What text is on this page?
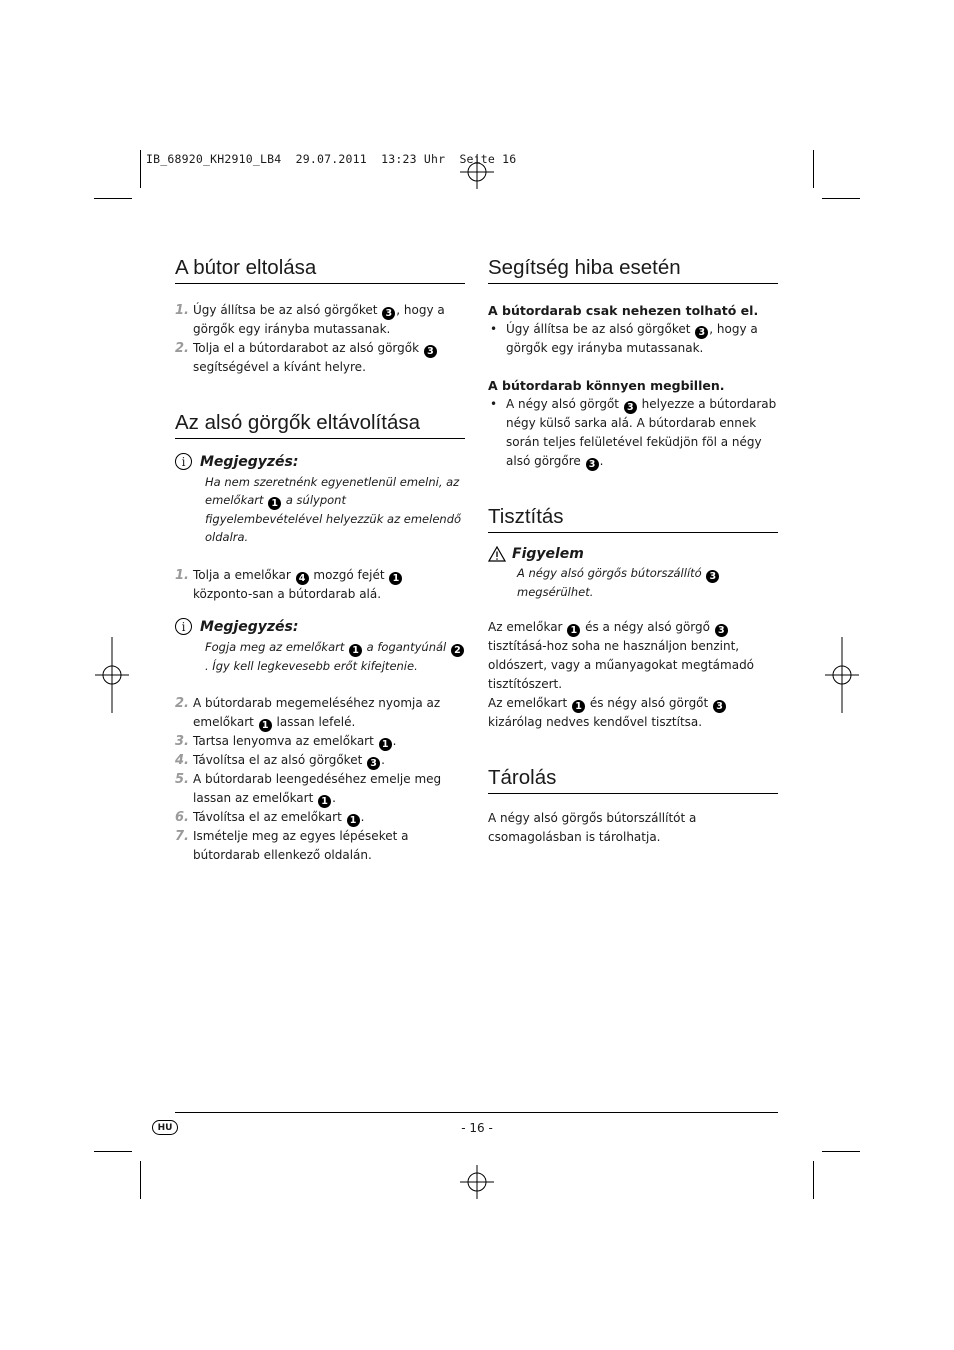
IB_68920_KH2910_LB4  29.07.2011  13:23 Uhr  Seite 16
A bútor eltolása
1. Úgy állítsa be az alsó görgőket 3 , hogy a görgők egy irányba mutassanak.
2. Tolja el a bútordarabot az alsó görgők 3 segítségével a kívánt helyre.
Az alsó görgők eltávolítása
i	Megjegyzés:
Ha nem szeretnénk egyenetlenül emelni, az emelőkart 1 a súlypont figyelembevételével helyezzük az emelendő oldalra.
1. Tolja a emelőkar 4 mozgó fejét 1 központo-san a bútordarab alá.
i	Megjegyzés:
Fogja meg az emelőkart 1 a fogantyúnál 2. Így kell legkevesebb erőt kifejtenie.
2. A bútordarab megemeléséhez nyomja az emelőkart 1 lassan lefelé.
3. Tartsa lenyomva az emelőkart 1 .
4. Távolítsa el az alsó görgőket 3 .
5. A bútordarab leengedéséhez emelje meg lassan az emelőkart 1 .
6. Távolítsa el az emelőkart 1 .
7. Ismételje meg az egyes lépéseket a bútordarab ellenkező oldalán.
Segítség hiba esetén

A bútordarab csak nehezen tolható el.

• Úgy állítsa be az alsó görgőket 3 , hogy a görgők egy irányba mutassanak.

A bútordarab könnyen megbillen.

• A négy alsó görgőt 3 helyezze a bútordarab négy külső sarka alá. A bútordarab ennek során teljes felületével feküdjön föl a négy alsó görgőre 3 .
Tisztítás
Figyelem
A négy alsó görgős bútorszállító 3 megsérülhet.

Az emelőkar 1 és a négy alsó görgő 3 tisztításá-hoz soha ne használjon benzint, oldószert, vagy a műanyagokat megtámadó tisztítószert.

Az emelőkart 1 és négy alsó görgőt 3 kizárólag nedves kendővel tisztítsa.

Tárolás

A négy alsó görgős bútorszállítót a csomagolásban is tárolhatja.

HU	- 16 -
